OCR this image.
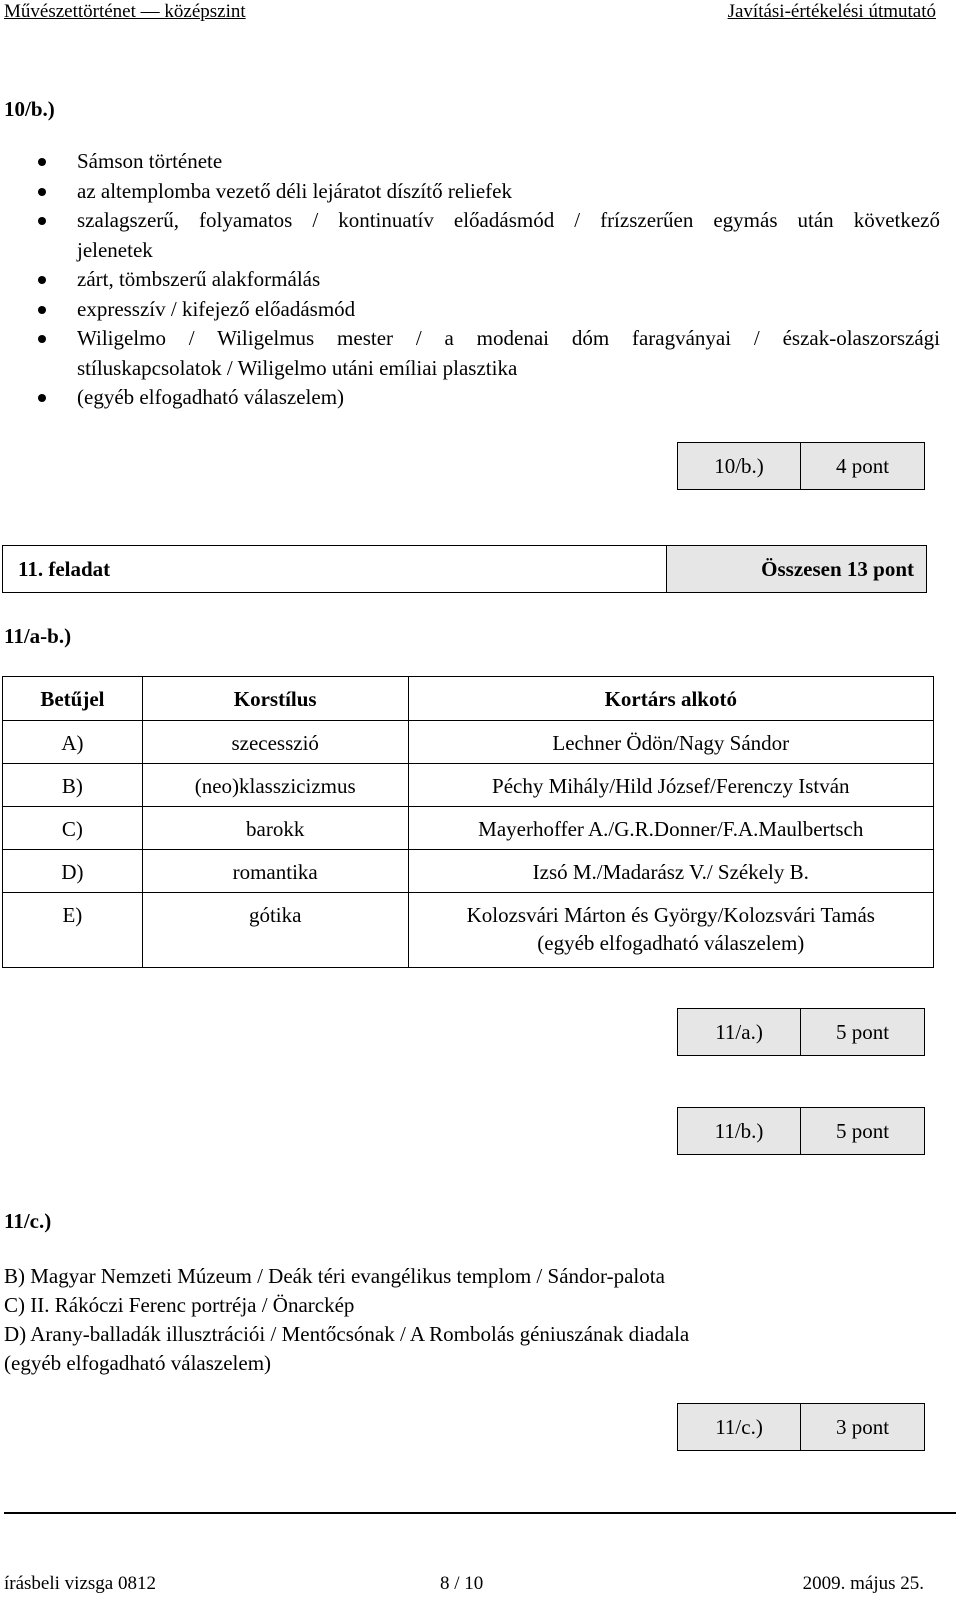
Művészettörténet — középszint	Javítási-értékelési útmutató
10/b.)
Sámson története
az altemplomba vezető déli lejáratot díszítő reliefek
szalagszerű, folyamatos / kontinuatív előadásmód / frízszerűen egymás után következő
jelenetek
zárt, tömbszerű alakformálás
expresszív / kifejező előadásmód
Wiligelmo / Wiligelmus mester / a modenai dóm faragványai / észak-olaszországi
stíluskapcsolatok / Wiligelmo utáni emíliai plasztika
(egyéb elfogadható válaszelem)
10/b.)	4 pont
11. feladat	Összesen 13 pont
11/a-b.)
Betűjel	Korstílus	Kortárs alkotó
A)	szecesszió	Lechner Ödön/Nagy Sándor
B)	(neo)klasszicizmus	Péchy Mihály/Hild József/Ferenczy István
C)	barokk	Mayerhoffer A./G.R.Donner/F.A.Maulbertsch
D)	romantika	Izsó M./Madarász V./ Székely B.
E)	gótika	Kolozsvári Márton és György/Kolozsvári Tamás
(egyéb elfogadható válaszelem)
11/a.)	5 pont
11/b.)	5 pont
11/c.)
B) Magyar Nemzeti Múzeum / Deák téri evangélikus templom / Sándor-palota
C) II. Rákóczi Ferenc portréja / Önarckép
D) Arany-balladák illusztrációi / Mentőcsónak / A Rombolás géniuszának diadala
(egyéb elfogadható válaszelem)
11/c.)	3 pont
írásbeli vizsga 0812	8 / 10	2009. május 25.
